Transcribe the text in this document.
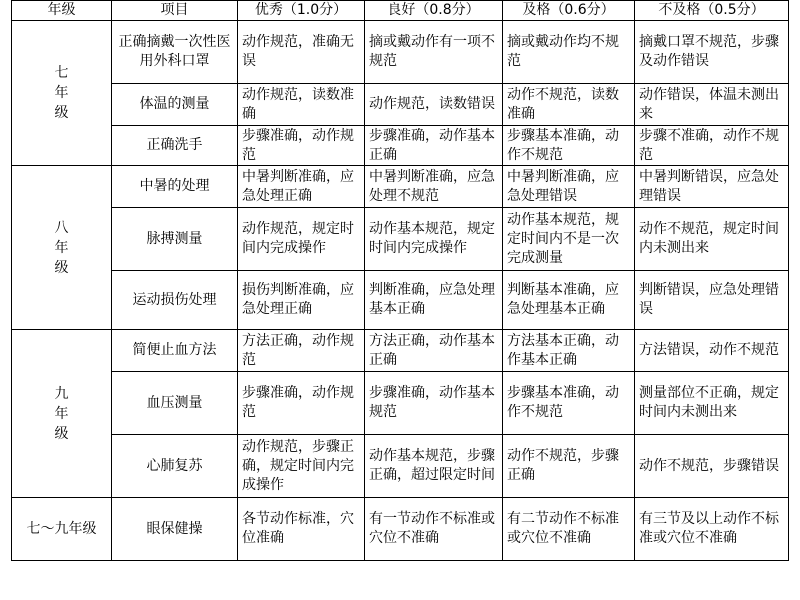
年级	项目	优秀（1.0分）	良好（0.8分）	及格（0.6分）	不及格（0.5分）
七年级	正确摘戴一次性医用外科口罩	动作规范，准确无误	摘或戴动作有一项不规范	摘或戴动作均不规范	摘戴口罩不规范，步骤及动作错误
	体温的测量	动作规范，读数准确	动作规范，读数错误	动作不规范，读数准确	动作错误，体温未测出来
	正确洗手	步骤准确，动作规范	步骤准确，动作基本正确	步骤基本准确，动作不规范	步骤不准确，动作不规范
八年级	中暑的处理	中暑判断准确，应急处理正确	中暑判断准确，应急处理不规范	中暑判断准确，应急处理错误	中暑判断错误，应急处理错误
	脉搏测量	动作规范，规定时间内完成操作	动作基本规范，规定时间内完成操作	动作基本规范，规定时间内不是一次完成测量	动作不规范，规定时间内未测出来
	运动损伤处理	损伤判断准确，应急处理正确	判断准确，应急处理基本正确	判断基本准确，应急处理基本正确	判断错误，应急处理错误
九年级	简便止血方法	方法正确，动作规范	方法正确，动作基本正确	方法基本正确，动作基本正确	方法错误，动作不规范
	血压测量	步骤准确，动作规范	步骤准确，动作基本规范	步骤基本准确，动作不规范	测量部位不正确，规定时间内未测出来
	心肺复苏	动作规范，步骤正确，规定时间内完成操作	动作基本规范，步骤正确，超过限定时间	动作不规范，步骤正确	动作不规范，步骤错误
七～九年级	眼保健操	各节动作标准，穴位准确	有一节动作不标准或穴位不准确	有二节动作不标准或穴位不准确	有三节及以上动作不标准或穴位不准确
